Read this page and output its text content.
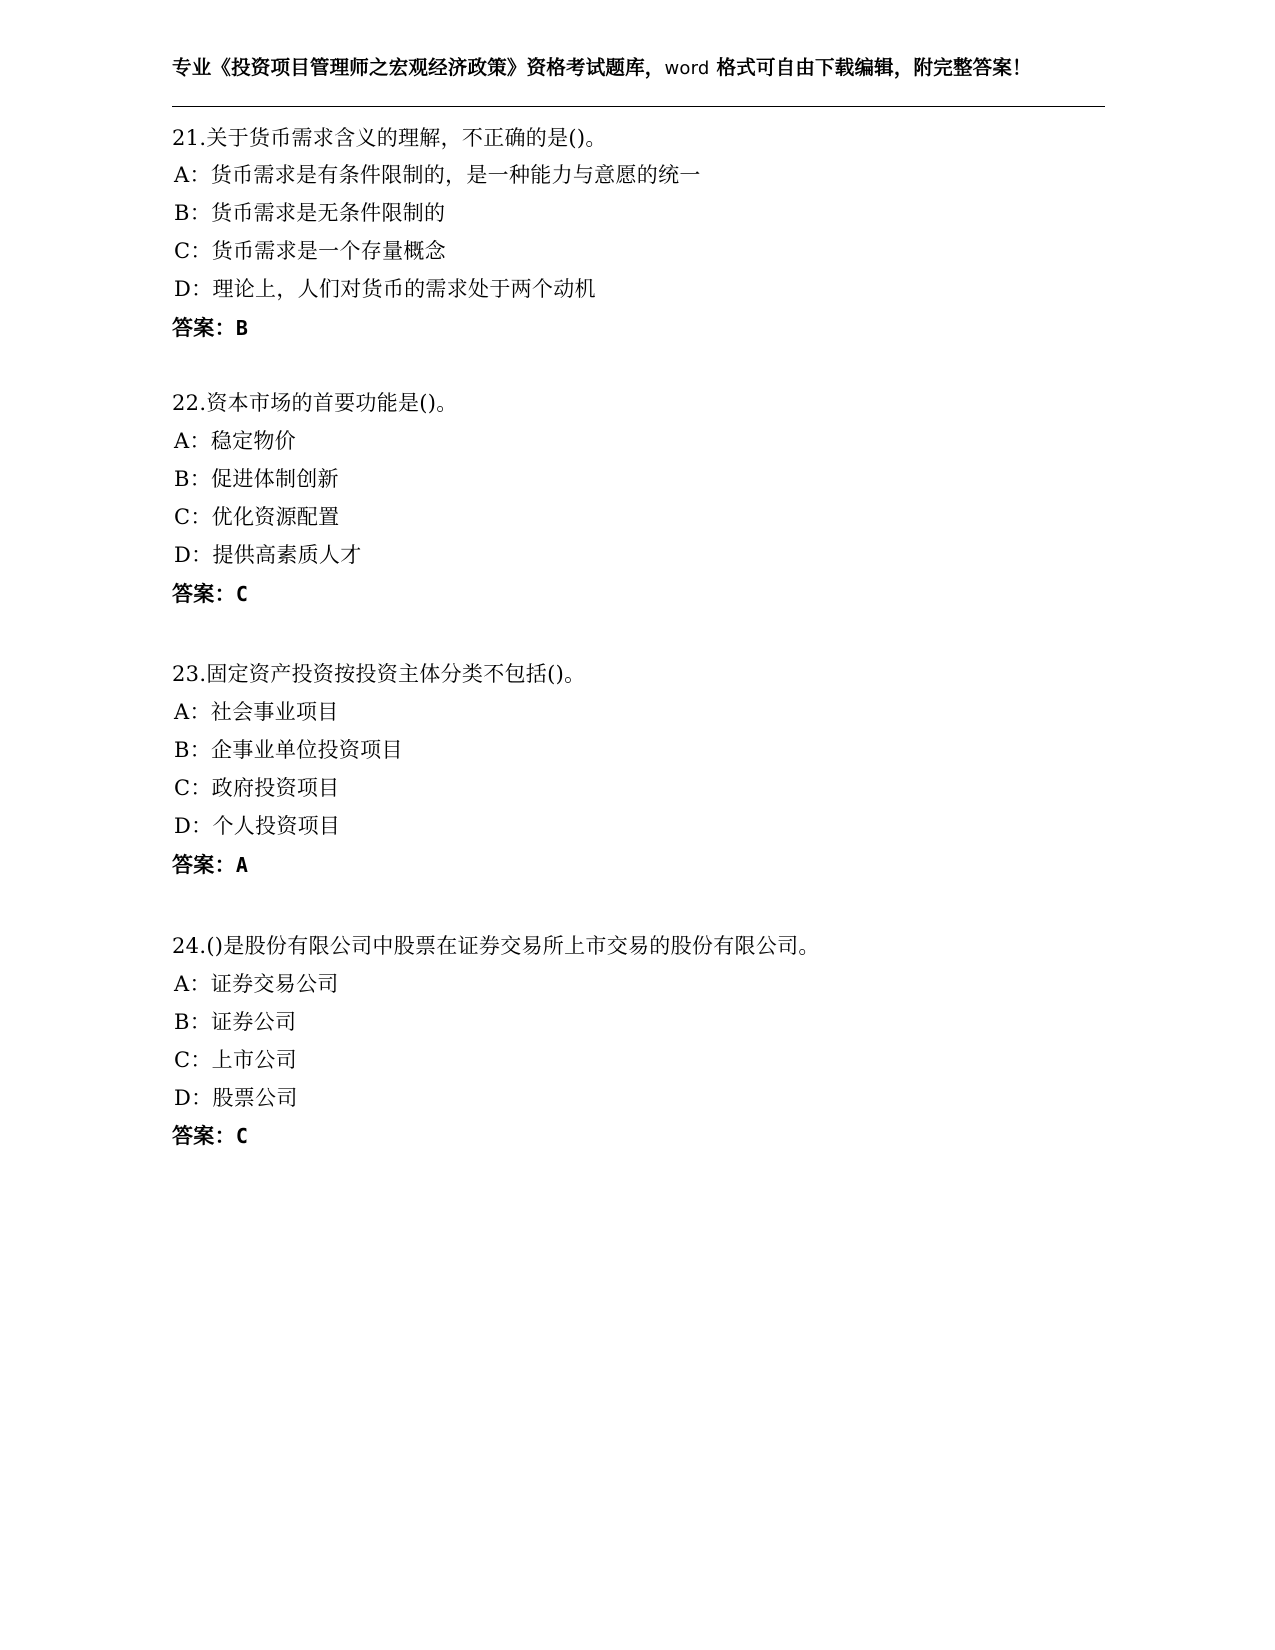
专业《投资项目管理师之宏观经济政策》资格考试题库，word 格式可自由下载编辑，附完整答案！

21.关于货币需求含义的理解，不正确的是()。

A：货币需求是有条件限制的，是一种能力与意愿的统一

B：货币需求是无条件限制的

C：货币需求是一个存量概念

D：理论上，人们对货币的需求处于两个动机

答案：B

22.资本市场的首要功能是()。

A：稳定物价

B：促进体制创新

C：优化资源配置

D：提供高素质人才

答案：C

23.固定资产投资按投资主体分类不包括()。

A：社会事业项目

B：企事业单位投资项目

C：政府投资项目

D：个人投资项目

答案：A

24.()是股份有限公司中股票在证券交易所上市交易的股份有限公司。

A：证券交易公司

B：证券公司

C：上市公司

D：股票公司

答案：C
